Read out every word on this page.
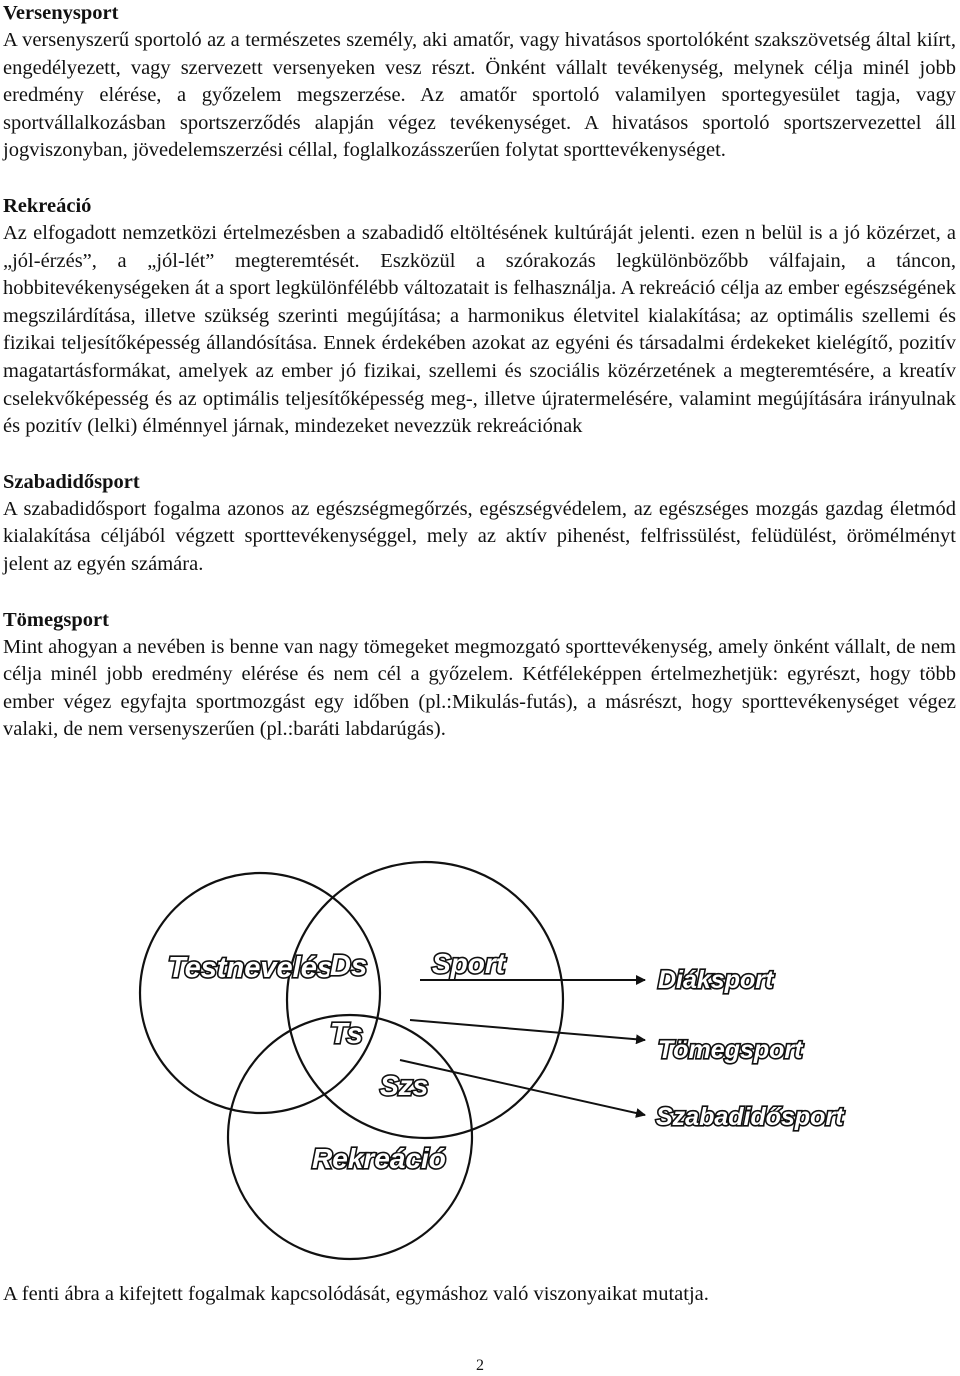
Versenysport

A versenyszerű sportoló az a természetes személy, aki amatőr, vagy hivatásos sportolóként szakszövetség által kiírt, engedélyezett, vagy szervezett versenyeken vesz részt. Önként vállalt tevékenység, melynek célja minél jobb eredmény elérése, a győzelem megszerzése. Az amatőr sportoló valamilyen sportegyesület tagja, vagy sportvállalkozásban sportszerződés alapján végez tevékenységet. A hivatásos sportoló sportszervezettel áll jogviszonyban, jövedelemszerzési céllal, foglalkozásszerűen folytat sporttevékenységet.

Rekreáció

Az elfogadott nemzetközi értelmezésben a szabadidő eltöltésének kultúráját jelenti. ezen n belül is a jó közérzet, a „jól-érzés”, a „jól-lét” megteremtését. Eszközül a szórakozás legkülönbözőbb válfajain, a táncon, hobbitevékenységeken át a sport legkülönfélébb változatait is felhasználja. A rekreáció célja az ember egészségének megszilárdítása, illetve szükség szerinti megújítása; a harmonikus életvitel kialakítása; az optimális szellemi és fizikai teljesítőképesség állandósítása. Ennek érdekében azokat az egyéni és társadalmi érdekeket kielégítő, pozitív magatartásformákat, amelyek az ember jó fizikai, szellemi és szociális közérzetének a megteremtésére, a kreatív cselekvőképesség és az optimális teljesítőképesség meg-, illetve újratermelésére, valamint megújítására irányulnak és pozitív (lelki) élménnyel járnak, mindezeket nevezzük rekreációnak

Szabadidősport

A szabadidősport fogalma azonos az egészségmegőrzés, egészségvédelem, az egészséges mozgás gazdag életmód kialakítása céljából végzett sporttevékenységgel, mely az aktív pihenést, felfrissülést, felüdülést, örömélményt jelent az egyén számára.

Tömegsport

Mint ahogyan a nevében is benne van nagy tömegeket megmozgató sporttevékenység, amely önként vállalt, de nem célja minél jobb eredmény elérése és nem cél a győzelem. Kétféleképpen értelmezhetjük: egyrészt, hogy több ember végez egyfajta sportmozgást egy időben (pl.:Mikulás-futás), a másrészt, hogy sporttevékenységet végez valaki, de nem versenyszerűen (pl.:baráti labdarúgás).

Testnevelés
Ds Sport
Ts
Szs
Rekreáció
Diáksport
Tömegsport
Szabadidősport

A fenti ábra a kifejtett fogalmak kapcsolódását, egymáshoz való viszonyaikat mutatja.

2
